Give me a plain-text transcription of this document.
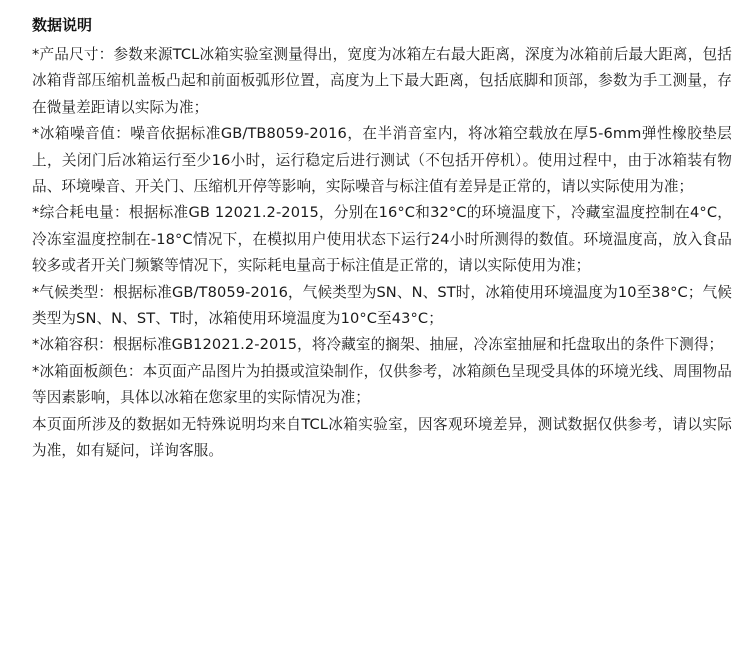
数据说明

*产品尺寸：参数来源TCL冰箱实验室测量得出，宽度为冰箱左右最大距离，深度为冰箱前后最大距离，包括冰箱背部压缩机盖板凸起和前面板弧形位置，高度为上下最大距离，包括底脚和顶部，参数为手工测量，存在微量差距请以实际为准；

*冰箱噪音值：噪音依据标准GB/TB8059-2016，在半消音室内，将冰箱空载放在厚5-6mm弹性橡胶垫层上，关闭门后冰箱运行至少16小时，运行稳定后进行测试（不包括开停机）。使用过程中，由于冰箱装有物品、环境噪音、开关门、压缩机开停等影响，实际噪音与标注值有差异是正常的，请以实际使用为准；

*综合耗电量：根据标准GB 12021.2-2015，分别在16°C和32°C的环境温度下，冷藏室温度控制在4°C，冷冻室温度控制在-18°C情况下，在模拟用户使用状态下运行24小时所测得的数值。环境温度高，放入食品较多或者开关门频繁等情况下，实际耗电量高于标注值是正常的，请以实际使用为准；

*气候类型：根据标准GB/T8059-2016，气候类型为SN、N、ST时，冰箱使用环境温度为10至38°C；气候类型为SN、N、ST、T时，冰箱使用环境温度为10°C至43°C；

*冰箱容积：根据标准GB12021.2-2015，将冷藏室的搁架、抽屉，冷冻室抽屉和托盘取出的条件下测得；

*冰箱面板颜色：本页面产品图片为拍摄或渲染制作，仅供参考，冰箱颜色呈现受具体的环境光线、周围物品等因素影响，具体以冰箱在您家里的实际情况为准；

本页面所涉及的数据如无特殊说明均来自TCL冰箱实验室，因客观环境差异，测试数据仅供参考，请以实际为准，如有疑问，详询客服。
